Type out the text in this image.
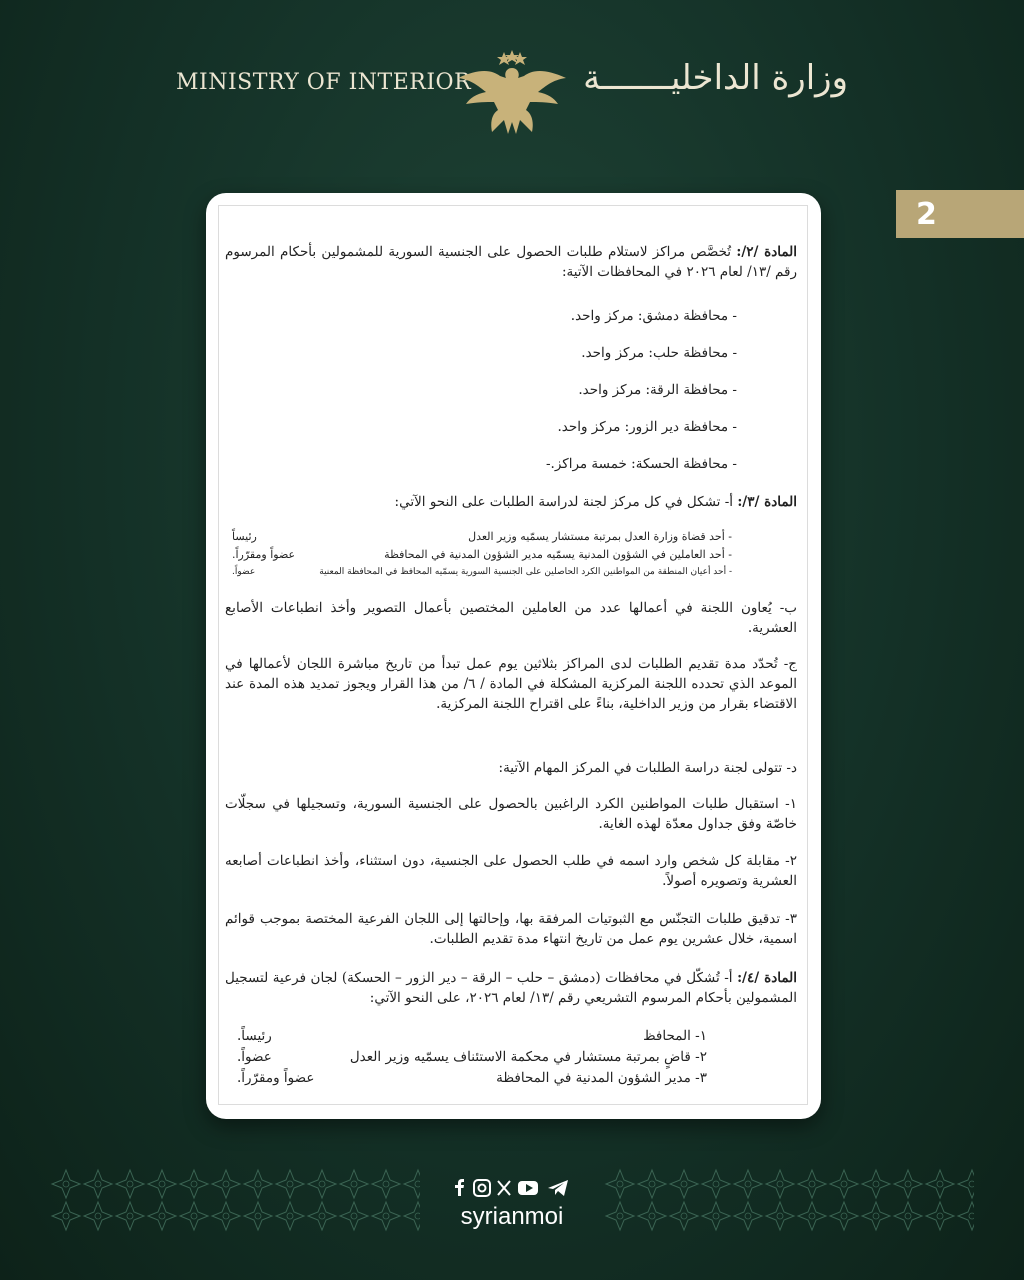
MINISTRY OF INTERIOR	وزارة الداخليـــــــة
2
المادة /٢/: تُخصَّص مراكز لاستلام طلبات الحصول على الجنسية السورية للمشمولين بأحكام المرسوم رقم /١٣/ لعام ٢٠٢٦ في المحافظات الآتية:
- محافظة دمشق: مركز واحد.
- محافظة حلب: مركز واحد.
- محافظة الرقة: مركز واحد.
- محافظة دير الزور: مركز واحد.
- محافظة الحسكة: خمسة مراكز.-
المادة /٣/: أ- تشكل في كل مركز لجنة لدراسة الطلبات على النحو الآتي:
- أحد قضاة وزارة العدل بمرتبة مستشار يسمّيه وزير العدل
رئيساً
- أحد العاملين في الشؤون المدنية يسمّيه مدير الشؤون المدنية في المحافظة
عضواً ومقرّراً.
- أحد أعيان المنطقة من المواطنين الكرد الحاصلين على الجنسية السورية يسمّيه المحافظ في المحافظة المعنية
عضواً.
ب- يُعاون اللجنة في أعمالها عدد من العاملين المختصين بأعمال التصوير وأخذ انطباعات الأصابع العشرية.
ج- تُحدّد مدة تقديم الطلبات لدى المراكز بثلاثين يوم عمل تبدأ من تاريخ مباشرة اللجان لأعمالها في الموعد الذي تحدده اللجنة المركزية المشكلة في المادة / ٦/ من هذا القرار ويجوز تمديد هذه المدة عند الاقتضاء بقرار من وزير الداخلية، بناءً على اقتراح اللجنة المركزية.
د- تتولى لجنة دراسة الطلبات في المركز المهام الآتية:
١- استقبال طلبات المواطنين الكرد الراغبين بالحصول على الجنسية السورية، وتسجيلها في سجلّات خاصّة وفق جداول معدّة لهذه الغاية.
٢- مقابلة كل شخص وارد اسمه في طلب الحصول على الجنسية، دون استثناء، وأخذ انطباعات أصابعه العشرية وتصويره أصولاً.
٣- تدقيق طلبات التجنّس مع الثبوتيات المرفقة بها، وإحالتها إلى اللجان الفرعية المختصة بموجب قوائم اسمية، خلال عشرين يوم عمل من تاريخ انتهاء مدة تقديم الطلبات.
المادة /٤/: أ- تُشكّل في محافظات (دمشق – حلب – الرقة – دير الزور – الحسكة) لجان فرعية لتسجيل المشمولين بأحكام المرسوم التشريعي رقم /١٣/ لعام ٢٠٢٦، على النحو الآتي:
١- المحافظ
رئيساً.
٢- قاضٍ بمرتبة مستشار في محكمة الاستئناف يسمّيه وزير العدل
عضواً.
٣- مدير الشؤون المدنية في المحافظة
عضواً ومقرّراً.
syrianmoi
